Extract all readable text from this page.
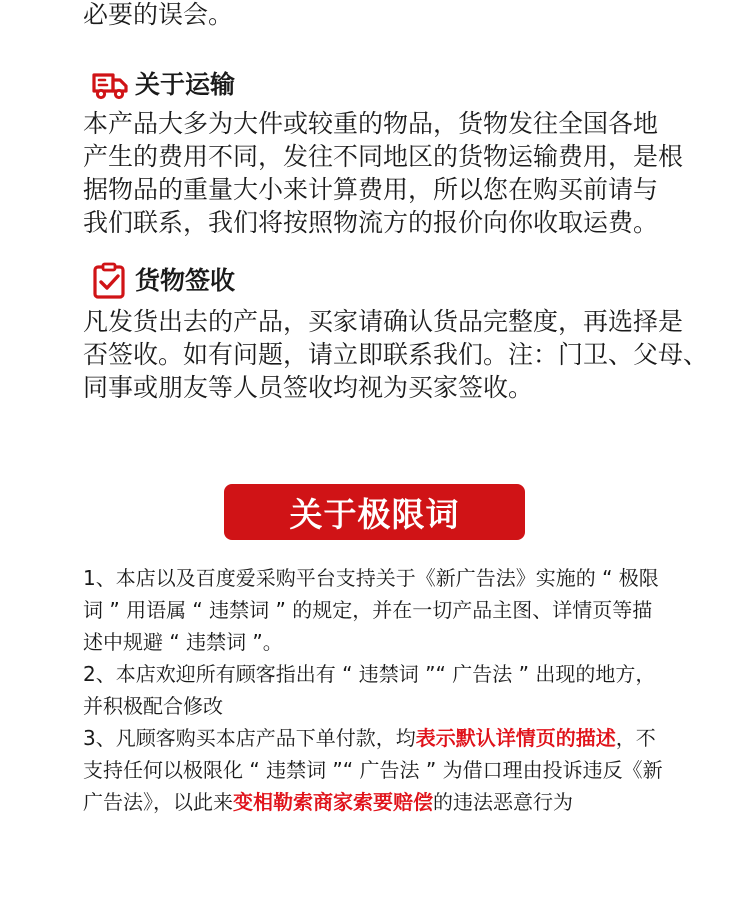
必要的误会。
关于运输
本产品大多为大件或较重的物品，货物发往全国各地
产生的费用不同，发往不同地区的货物运输费用，是根
据物品的重量大小来计算费用，所以您在购买前请与
我们联系，我们将按照物流方的报价向你收取运费。
货物签收
凡发货出去的产品，买家请确认货品完整度，再选择是
否签收。如有问题，请立即联系我们。注：门卫、父母、
同事或朋友等人员签收均视为买家签收。
关于极限词
1、本店以及百度爱采购平台支持关于《新广告法》实施的 “ 极限
词 ” 用语属 “ 违禁词 ” 的规定，并在一切产品主图、详情页等描
述中规避 “ 违禁词 ”。
2、本店欢迎所有顾客指出有 “ 违禁词 ”“ 广告法 ” 出现的地方，
并积极配合修改
3、凡顾客购买本店产品下单付款，均表示默认详情页的描述，不
支持任何以极限化 “ 违禁词 ”“ 广告法 ” 为借口理由投诉违反《新
广告法》，以此来变相勒索商家索要赔偿的违法恶意行为
